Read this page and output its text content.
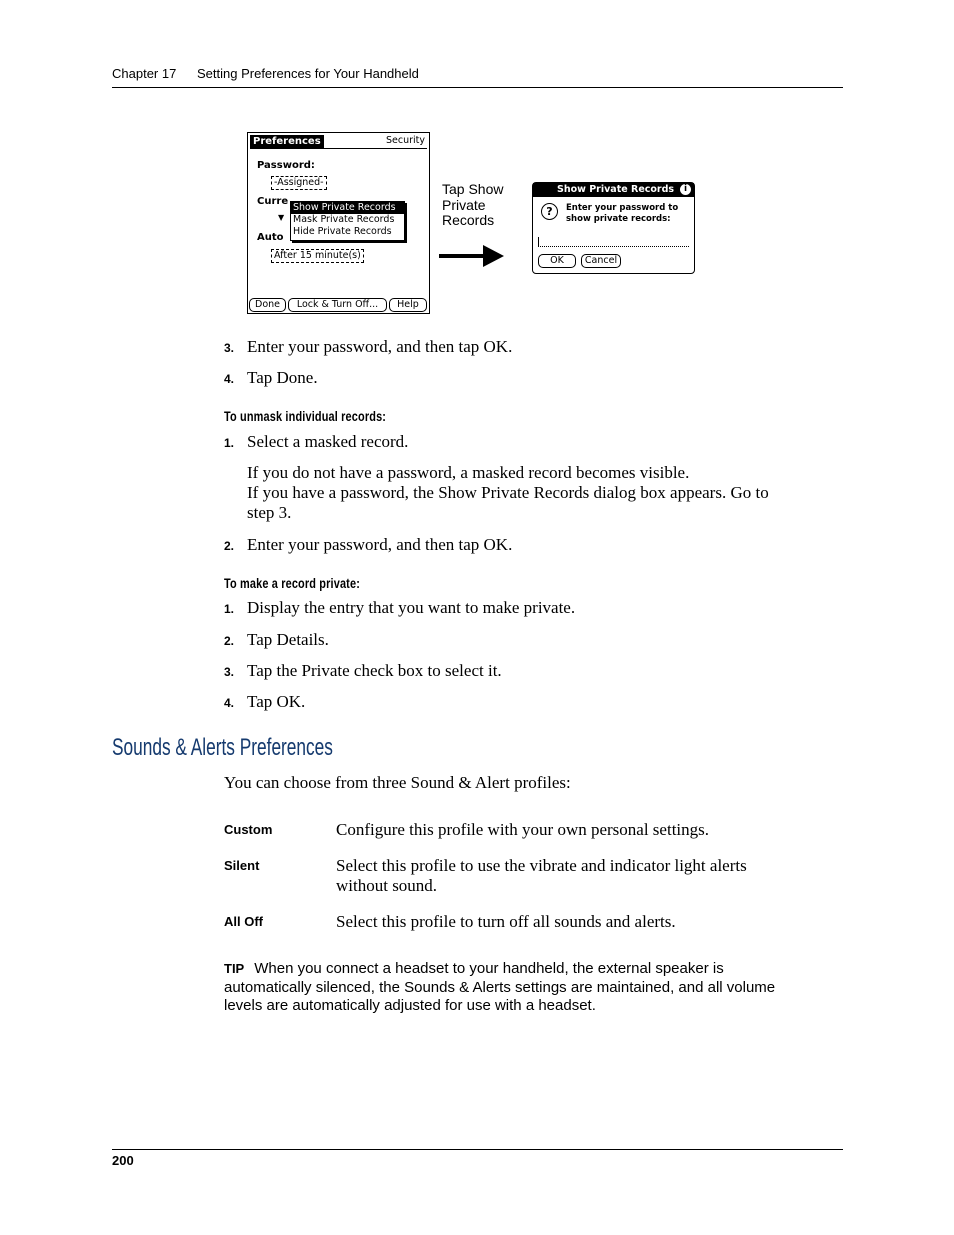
Chapter 17 Setting Preferences for Your Handheld
Preferences	Security
Password:
-Assigned-
Curre
▼
Auto
After 15 minute(s)
Show Private Records
Mask Private Records
Hide Private Records
Done	Lock & Turn Off...	Help
Tap Show
Private
Records
Show Private Records	i
?	Enter your password to
show private records:
OK	Cancel
3. Enter your password, and then tap OK.
4. Tap Done.
To unmask individual records:
1. Select a masked record.
If you do not have a password, a masked record becomes visible.
If you have a password, the Show Private Records dialog box appears. Go to
step 3.
2. Enter your password, and then tap OK.
To make a record private:
1. Display the entry that you want to make private.
2. Tap Details.
3. Tap the Private check box to select it.
4. Tap OK.
Sounds & Alerts Preferences
You can choose from three Sound & Alert profiles:
Custom	Configure this profile with your own personal settings.
Silent	Select this profile to use the vibrate and indicator light alerts
without sound.
All Off	Select this profile to turn off all sounds and alerts.
TIP When you connect a headset to your handheld, the external speaker is
automatically silenced, the Sounds & Alerts settings are maintained, and all volume
levels are automatically adjusted for use with a headset.
200
